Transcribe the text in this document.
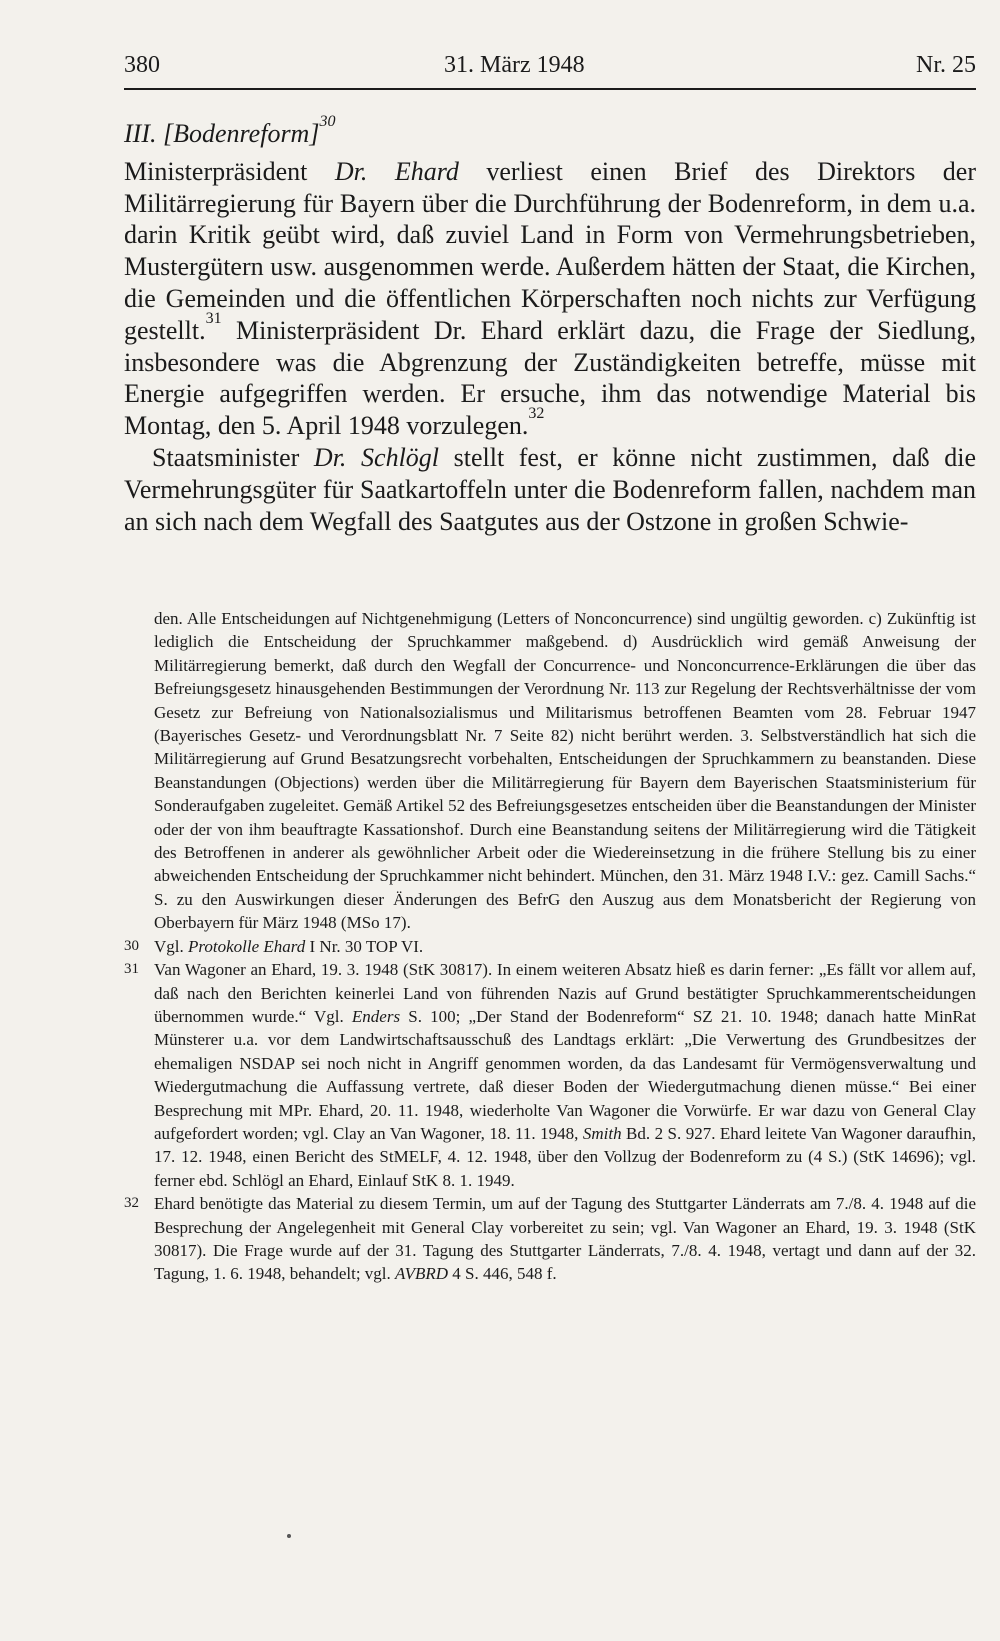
380	31. März 1948	Nr. 25

III. [Bodenreform]$^{30}$

Ministerpräsident Dr. Ehard verliest einen Brief des Direktors der Militärregierung für Bayern über die Durchführung der Bodenreform, in dem u.a. darin Kritik geübt wird, daß zuviel Land in Form von Vermehrungsbetrieben, Mustergütern usw. ausgenommen werde. Außerdem hätten der Staat, die Kirchen, die Gemeinden und die öffentlichen Körperschaften noch nichts zur Verfügung gestellt.$^{31}$ Ministerpräsident Dr. Ehard erklärt dazu, die Frage der Siedlung, insbesondere was die Abgrenzung der Zuständigkeiten betreffe, müsse mit Energie aufgegriffen werden. Er ersuche, ihm das notwendige Material bis Montag, den 5. April 1948 vorzulegen.$^{32}$

Staatsminister Dr. Schlögl stellt fest, er könne nicht zustimmen, daß die Vermehrungsgüter für Saatkartoffeln unter die Bodenreform fallen, nachdem man an sich nach dem Wegfall des Saatgutes aus der Ostzone in großen Schwie-

den. Alle Entscheidungen auf Nichtgenehmigung (Letters of Nonconcurrence) sind ungültig geworden. c) Zukünftig ist lediglich die Entscheidung der Spruchkammer maßgebend. d) Ausdrücklich wird gemäß Anweisung der Militärregierung bemerkt, daß durch den Wegfall der Concurrence- und Nonconcurrence-Erklärungen die über das Befreiungsgesetz hinausgehenden Bestimmungen der Verordnung Nr. 113 zur Regelung der Rechtsverhältnisse der vom Gesetz zur Befreiung von Nationalsozialismus und Militarismus betroffenen Beamten vom 28. Februar 1947 (Bayerisches Gesetz- und Verordnungsblatt Nr. 7 Seite 82) nicht berührt werden. 3. Selbstverständlich hat sich die Militärregierung auf Grund Besatzungsrecht vorbehalten, Entscheidungen der Spruchkammern zu beanstanden. Diese Beanstandungen (Objections) werden über die Militärregierung für Bayern dem Bayerischen Staatsministerium für Sonderaufgaben zugeleitet. Gemäß Artikel 52 des Befreiungsgesetzes entscheiden über die Beanstandungen der Minister oder der von ihm beauftragte Kassationshof. Durch eine Beanstandung seitens der Militärregierung wird die Tätigkeit des Betroffenen in anderer als gewöhnlicher Arbeit oder die Wiedereinsetzung in die frühere Stellung bis zu einer abweichenden Entscheidung der Spruchkammer nicht behindert. München, den 31. März 1948 I.V.: gez. Camill Sachs.“ S. zu den Auswirkungen dieser Änderungen des BefrG den Auszug aus dem Monatsbericht der Regierung von Oberbayern für März 1948 (MSo 17).

30 Vgl. Protokolle Ehard I Nr. 30 TOP VI.

31 Van Wagoner an Ehard, 19. 3. 1948 (StK 30817). In einem weiteren Absatz hieß es darin ferner: „Es fällt vor allem auf, daß nach den Berichten keinerlei Land von führenden Nazis auf Grund bestätigter Spruchkammerentscheidungen übernommen wurde.“ Vgl. Enders S. 100; „Der Stand der Bodenreform“ SZ 21. 10. 1948; danach hatte MinRat Münsterer u.a. vor dem Landwirtschaftsausschuß des Landtags erklärt: „Die Verwertung des Grundbesitzes der ehemaligen NSDAP sei noch nicht in Angriff genommen worden, da das Landesamt für Vermögensverwaltung und Wiedergutmachung die Auffassung vertrete, daß dieser Boden der Wiedergutmachung dienen müsse.“ Bei einer Besprechung mit MPr. Ehard, 20. 11. 1948, wiederholte Van Wagoner die Vorwürfe. Er war dazu von General Clay aufgefordert worden; vgl. Clay an Van Wagoner, 18. 11. 1948, Smith Bd. 2 S. 927. Ehard leitete Van Wagoner daraufhin, 17. 12. 1948, einen Bericht des StMELF, 4. 12. 1948, über den Vollzug der Bodenreform zu (4 S.) (StK 14696); vgl. ferner ebd. Schlögl an Ehard, Einlauf StK 8. 1. 1949.

32 Ehard benötigte das Material zu diesem Termin, um auf der Tagung des Stuttgarter Länderrats am 7./8. 4. 1948 auf die Besprechung der Angelegenheit mit General Clay vorbereitet zu sein; vgl. Van Wagoner an Ehard, 19. 3. 1948 (StK 30817). Die Frage wurde auf der 31. Tagung des Stuttgarter Länderrats, 7./8. 4. 1948, vertagt und dann auf der 32. Tagung, 1. 6. 1948, behandelt; vgl. AVBRD 4 S. 446, 548 f.
